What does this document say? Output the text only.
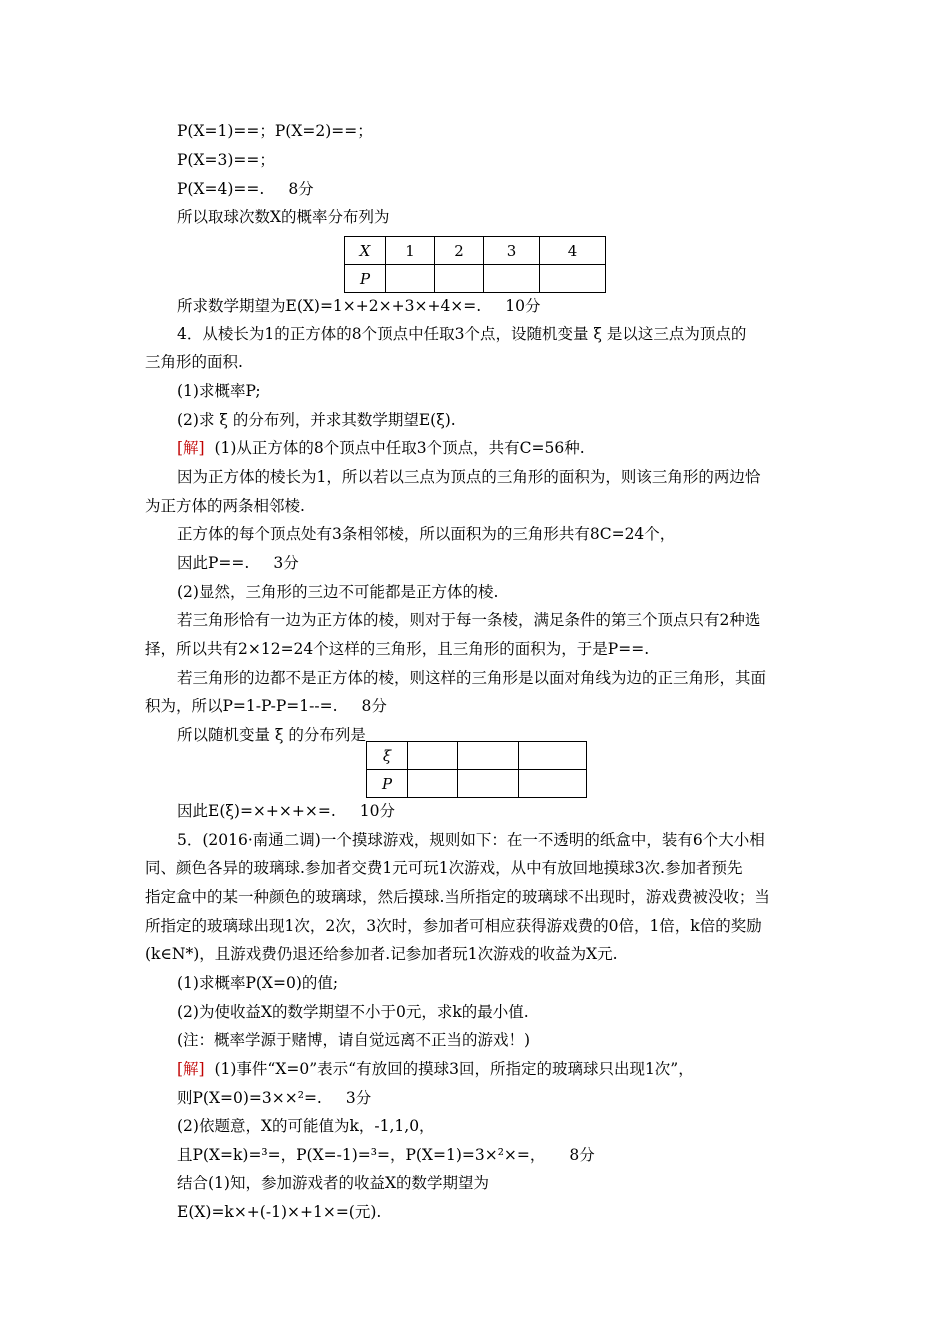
P(X=1)==；P(X=2)==；
P(X=3)==；
P(X=4)==. 8分
所以取球次数X的概率分布列为
X	1	2	3	4
P				
所求数学期望为E(X)=1×+2×+3×+4×=. 10分
4．从棱长为1的正方体的8个顶点中任取3个点，设随机变量 ξ 是以这三点为顶点的
三角形的面积.
(1)求概率P;
(2)求 ξ 的分布列，并求其数学期望E(ξ).
[解] (1)从正方体的8个顶点中任取3个顶点，共有C=56种.
因为正方体的棱长为1，所以若以三点为顶点的三角形的面积为，则该三角形的两边恰
为正方体的两条相邻棱.
正方体的每个顶点处有3条相邻棱，所以面积为的三角形共有8C=24个，
因此P==. 3分
(2)显然，三角形的三边不可能都是正方体的棱.
若三角形恰有一边为正方体的棱，则对于每一条棱，满足条件的第三个顶点只有2种选
择，所以共有2×12=24个这样的三角形，且三角形的面积为，于是P==.
若三角形的边都不是正方体的棱，则这样的三角形是以面对角线为边的正三角形，其面
积为，所以P=1-P-P=1--=. 8分
所以随机变量 ξ 的分布列是
ξ			
P			
因此E(ξ)=×+×+×=. 10分
5．(2016·南通二调)一个摸球游戏，规则如下：在一不透明的纸盒中，装有6个大小相
同、颜色各异的玻璃球.参加者交费1元可玩1次游戏，从中有放回地摸球3次.参加者预先
指定盒中的某一种颜色的玻璃球，然后摸球.当所指定的玻璃球不出现时，游戏费被没收；当
所指定的玻璃球出现1次，2次，3次时，参加者可相应获得游戏费的0倍，1倍，k倍的奖励
(k∈N*)，且游戏费仍退还给参加者.记参加者玩1次游戏的收益为X元.
(1)求概率P(X=0)的值;
(2)为使收益X的数学期望不小于0元，求k的最小值.
(注：概率学源于赌博，请自觉远离不正当的游戏！)
[解] (1)事件“X=0”表示“有放回的摸球3回，所指定的玻璃球只出现1次”，
则P(X=0)=3××²=. 3分
(2)依题意，X的可能值为k，-1,1,0，
且P(X=k)=³=，P(X=-1)=³=，P(X=1)=3×²×=， 8分
结合(1)知，参加游戏者的收益X的数学期望为
E(X)=k×+(-1)×+1×=(元).
